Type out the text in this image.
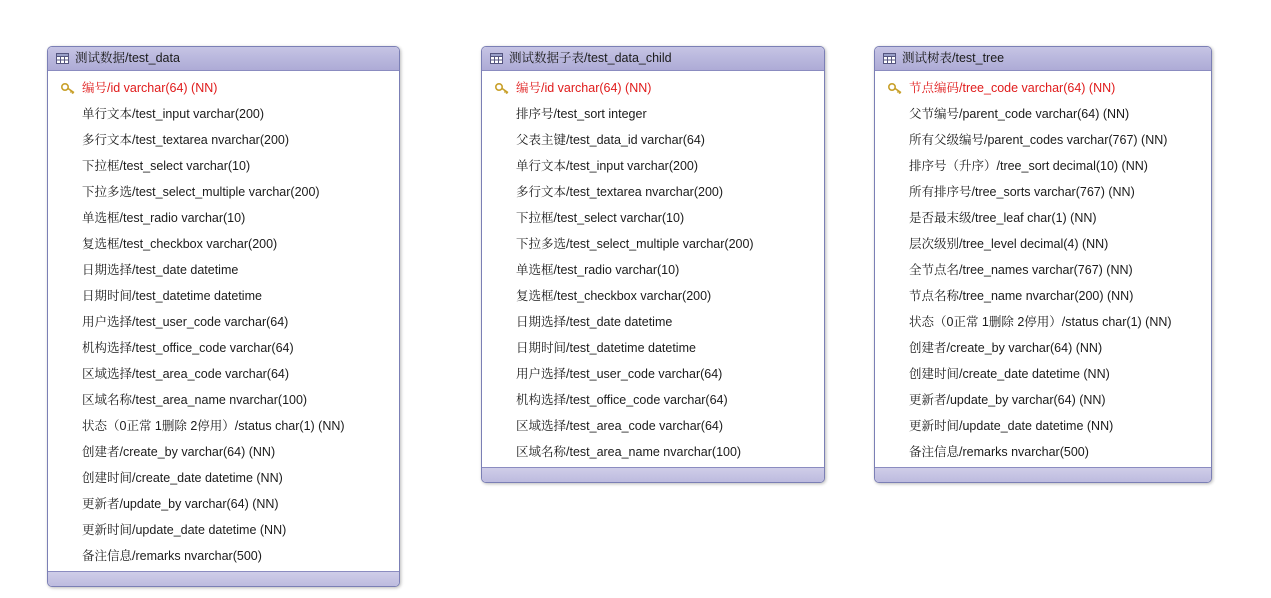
测试数据/test_data
编号/id varchar(64) (NN)
单行文本/test_input varchar(200)
多行文本/test_textarea nvarchar(200)
下拉框/test_select varchar(10)
下拉多选/test_select_multiple varchar(200)
单选框/test_radio varchar(10)
复选框/test_checkbox varchar(200)
日期选择/test_date datetime
日期时间/test_datetime datetime
用户选择/test_user_code varchar(64)
机构选择/test_office_code varchar(64)
区域选择/test_area_code varchar(64)
区域名称/test_area_name nvarchar(100)
状态（0正常 1删除 2停用）/status char(1) (NN)
创建者/create_by varchar(64) (NN)
创建时间/create_date datetime (NN)
更新者/update_by varchar(64) (NN)
更新时间/update_date datetime (NN)
备注信息/remarks nvarchar(500)
测试数据子表/test_data_child
编号/id varchar(64) (NN)
排序号/test_sort integer
父表主键/test_data_id varchar(64)
单行文本/test_input varchar(200)
多行文本/test_textarea nvarchar(200)
下拉框/test_select varchar(10)
下拉多选/test_select_multiple varchar(200)
单选框/test_radio varchar(10)
复选框/test_checkbox varchar(200)
日期选择/test_date datetime
日期时间/test_datetime datetime
用户选择/test_user_code varchar(64)
机构选择/test_office_code varchar(64)
区域选择/test_area_code varchar(64)
区域名称/test_area_name nvarchar(100)
测试树表/test_tree
节点编码/tree_code varchar(64) (NN)
父节编号/parent_code varchar(64) (NN)
所有父级编号/parent_codes varchar(767) (NN)
排序号（升序）/tree_sort decimal(10) (NN)
所有排序号/tree_sorts varchar(767) (NN)
是否最末级/tree_leaf char(1) (NN)
层次级别/tree_level decimal(4) (NN)
全节点名/tree_names varchar(767) (NN)
节点名称/tree_name nvarchar(200) (NN)
状态（0正常 1删除 2停用）/status char(1) (NN)
创建者/create_by varchar(64) (NN)
创建时间/create_date datetime (NN)
更新者/update_by varchar(64) (NN)
更新时间/update_date datetime (NN)
备注信息/remarks nvarchar(500)
